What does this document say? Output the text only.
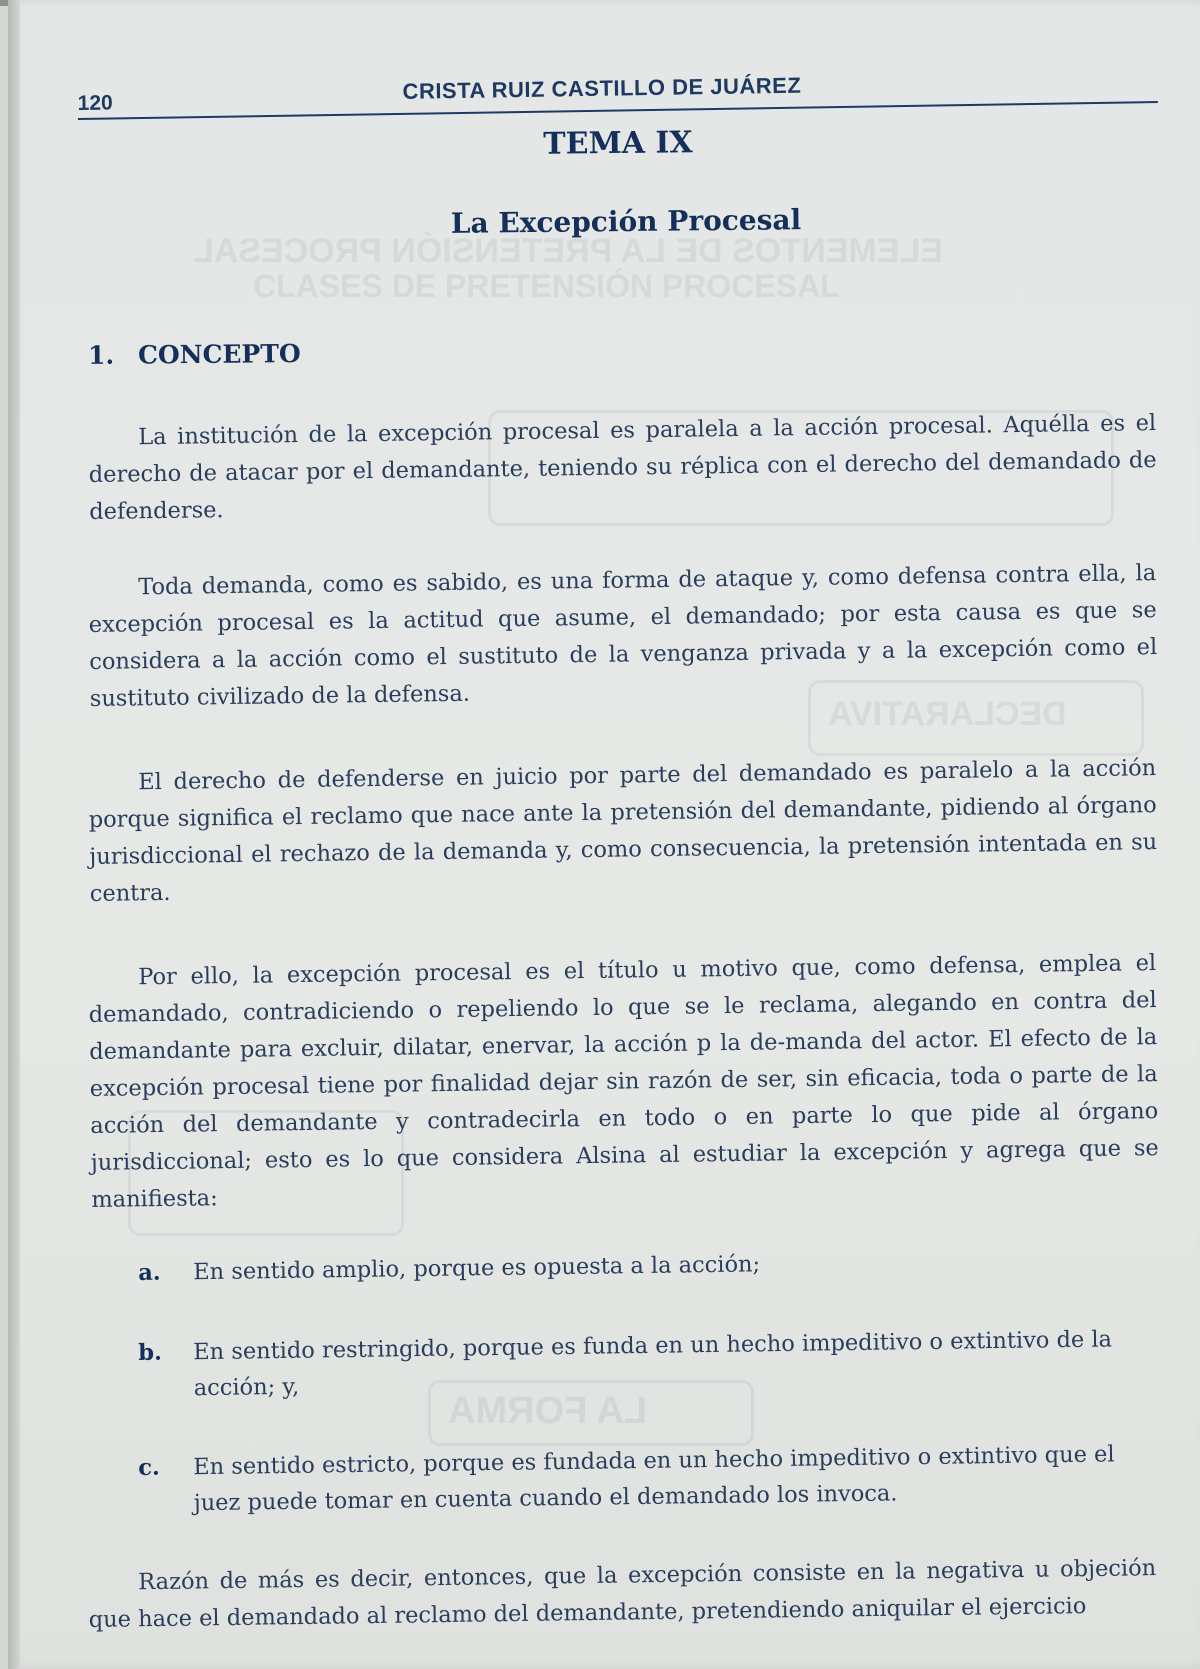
ELEMENTOS DE LA PRETENSIÓN PROCESAL
CLASES DE PRETENSIÓN PROCESAL
LA FORMA
DECLARATIVA
120	CRISTA RUIZ CASTILLO DE JUÁREZ
TEMA IX
La Excepción Procesal
1. CONCEPTO

La institución de la excepción procesal es paralela a la acción procesal. Aquélla es el derecho de atacar por el demandante, teniendo su réplica con el derecho del demandado de defenderse.

Toda demanda, como es sabido, es una forma de ataque y, como defensa contra ella, la excepción procesal es la actitud que asume, el demandado; por esta causa es que se considera a la acción como el sustituto de la venganza privada y a la excepción como el sustituto civilizado de la defensa.

El derecho de defenderse en juicio por parte del demandado es paralelo a la acción porque significa el reclamo que nace ante la pretensión del demandante, pidiendo al órgano jurisdiccional el rechazo de la demanda y, como consecuencia, la pretensión intentada en su centra.

Por ello, la excepción procesal es el título u motivo que, como defensa, emplea el demandado, contradiciendo o repeliendo lo que se le reclama, alegando en contra del demandante para excluir, dilatar, enervar, la acción p la de-manda del actor. El efecto de la excepción procesal tiene por finalidad dejar sin razón de ser, sin eficacia, toda o parte de la acción del demandante y contradecirla en todo o en parte lo que pide al órgano jurisdiccional; esto es lo que considera Alsina al estudiar la excepción y agrega que se manifiesta:

a. En sentido amplio, porque es opuesta a la acción;
b. En sentido restringido, porque es funda en un hecho impeditivo o extintivo de la acción; y,
c. En sentido estricto, porque es fundada en un hecho impeditivo o extintivo que el juez puede tomar en cuenta cuando el demandado los invoca.

Razón de más es decir, entonces, que la excepción consiste en la negativa u objeción que hace el demandado al reclamo del demandante, pretendiendo aniquilar el ejercicio
